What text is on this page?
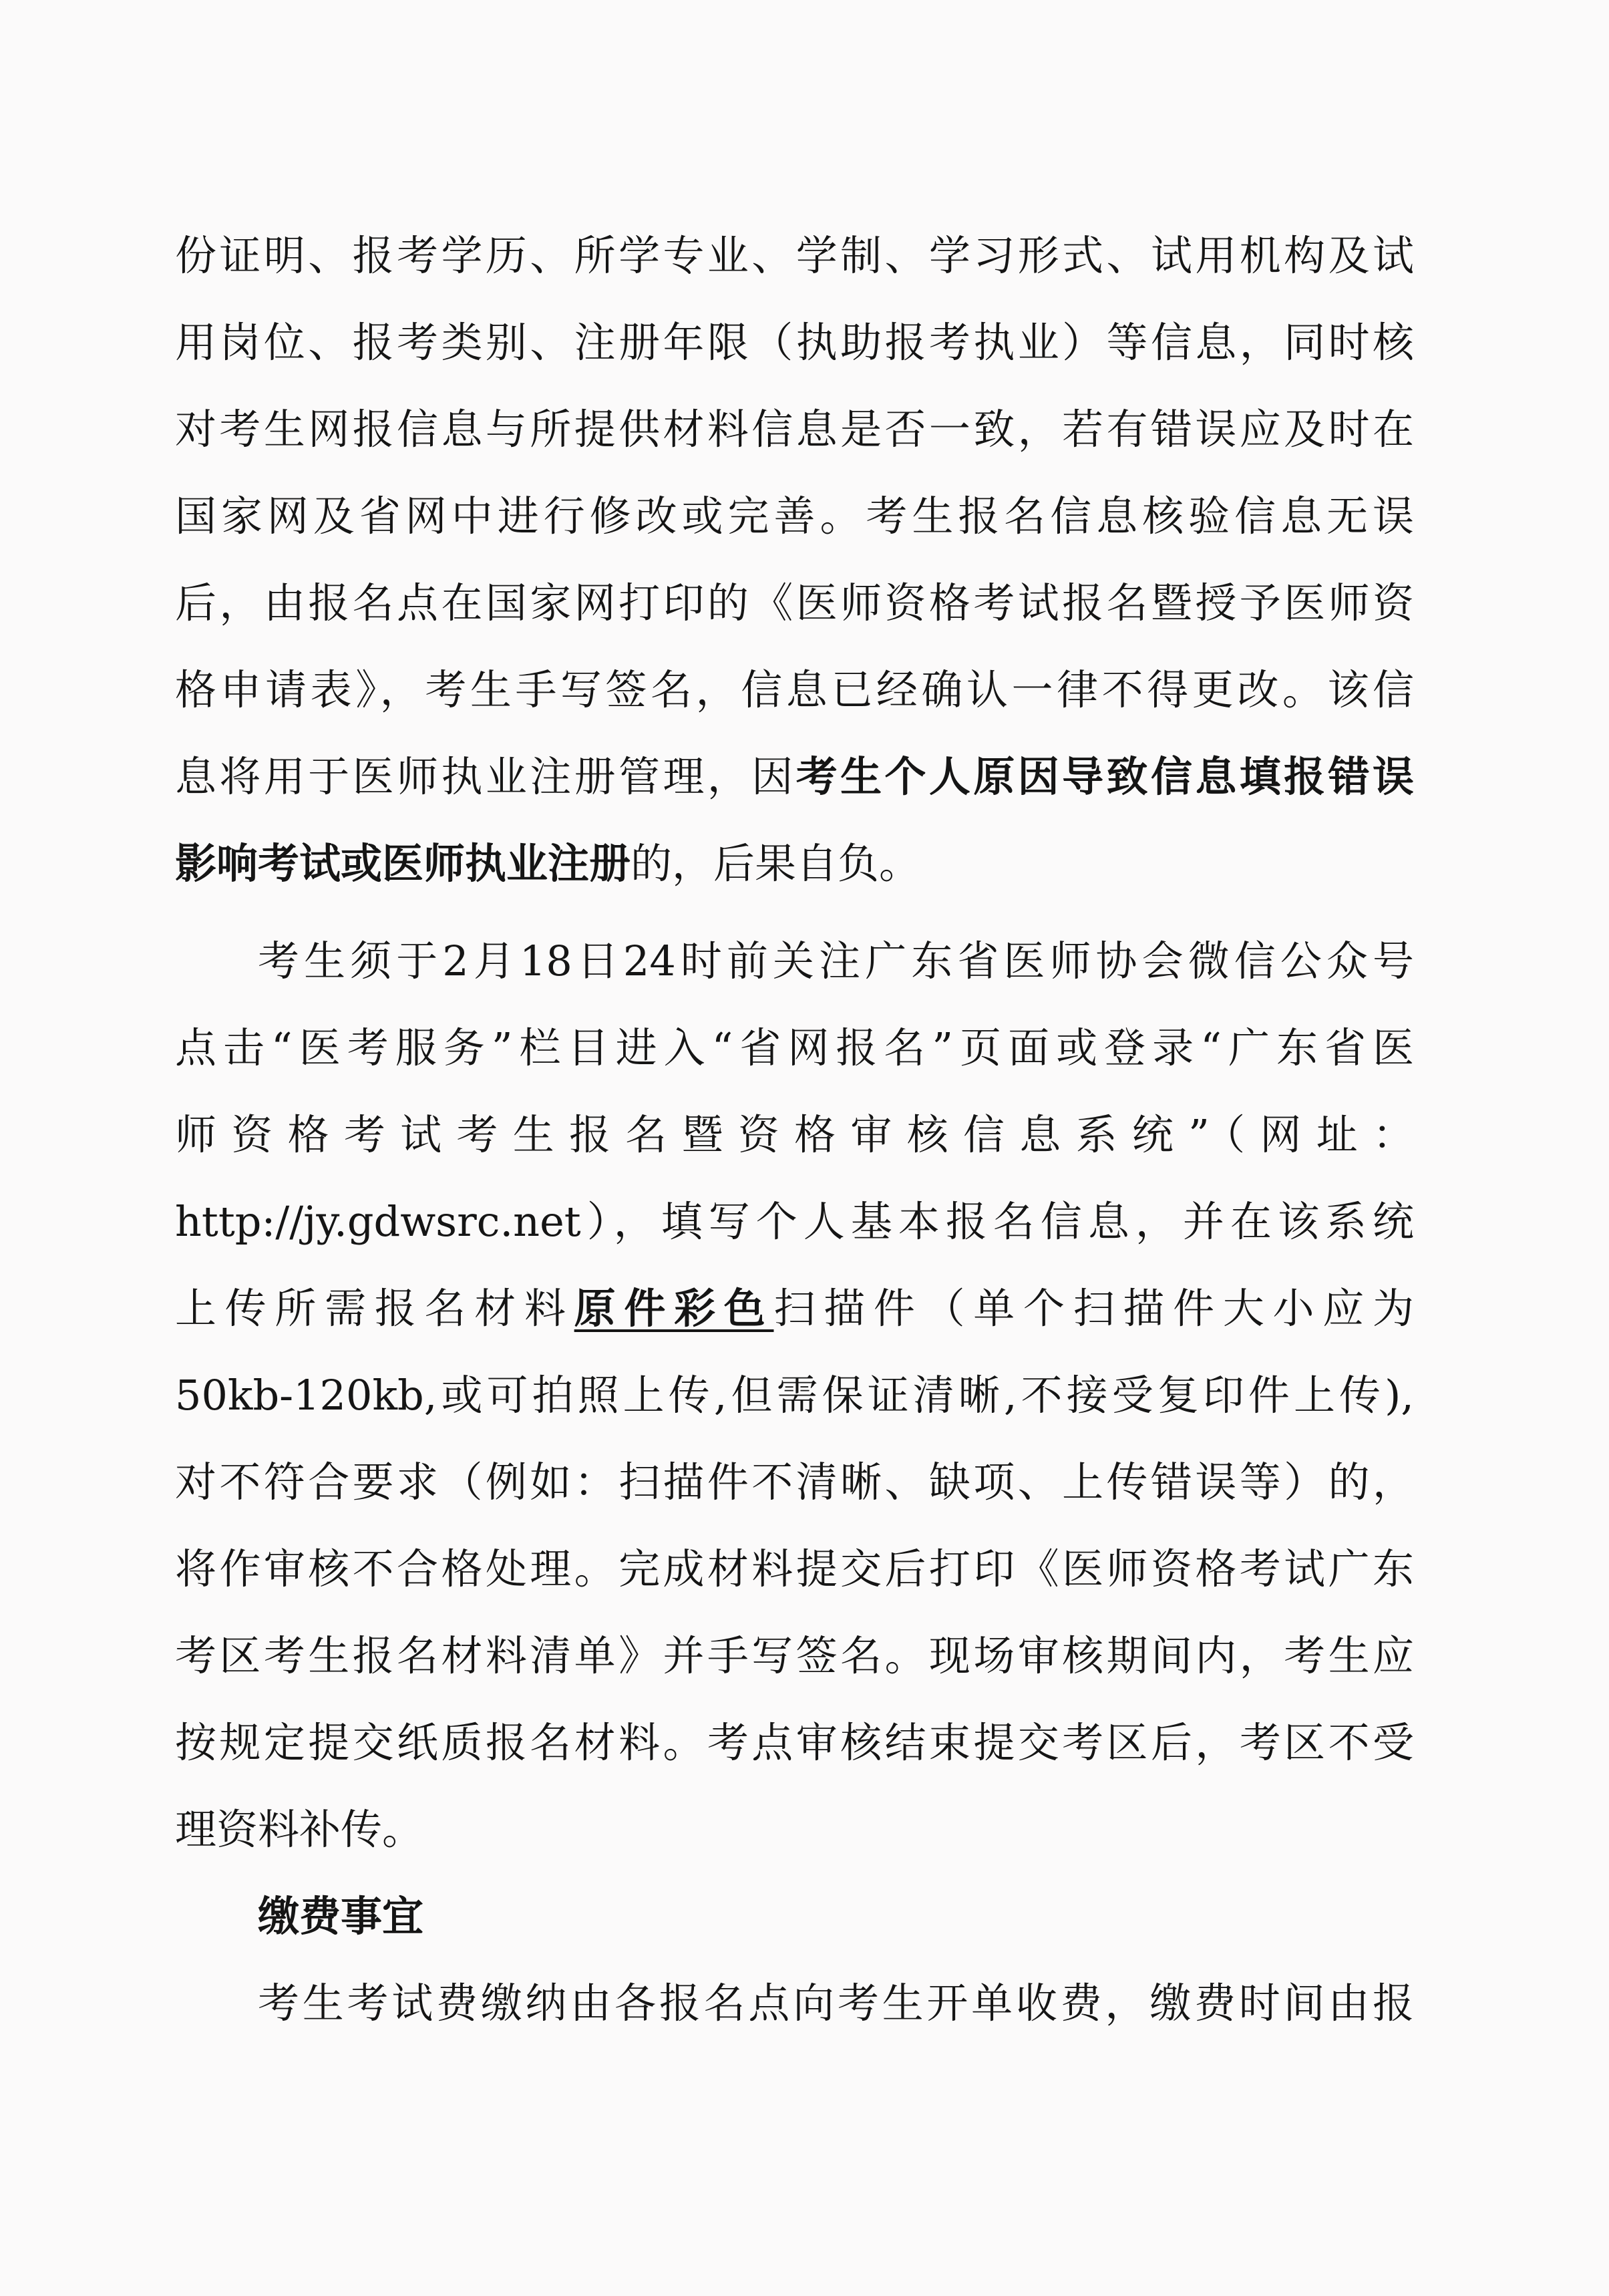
份证明、报考学历、所学专业、学制、学习形式、试用机构及试
用岗位、报考类别、注册年限（执助报考执业）等信息，同时核
对考生网报信息与所提供材料信息是否一致，若有错误应及时在
国家网及省网中进行修改或完善。考生报名信息核验信息无误
后，由报名点在国家网打印的《医师资格考试报名暨授予医师资
格申请表》，考生手写签名，信息已经确认一律不得更改。该信
息将用于医师执业注册管理，因考生个人原因导致信息填报错误
影响考试或医师执业注册的，后果自负。
考生须于2月18日24时前关注广东省医师协会微信公众号
点击“医考服务”栏目进入“省网报名”页面或登录“广东省医
师资格考试考生报名暨资格审核信息系统”（网址：
http://jy.gdwsrc.net），填写个人基本报名信息，并在该系统
上传所需报名材料原件彩色扫描件（单个扫描件大小应为
50kb-120kb,或可拍照上传,但需保证清晰,不接受复印件上传),
对不符合要求（例如：扫描件不清晰、缺项、上传错误等）的，
将作审核不合格处理。完成材料提交后打印《医师资格考试广东
考区考生报名材料清单》并手写签名。现场审核期间内，考生应
按规定提交纸质报名材料。考点审核结束提交考区后，考区不受
理资料补传。
缴费事宜
考生考试费缴纳由各报名点向考生开单收费，缴费时间由报
